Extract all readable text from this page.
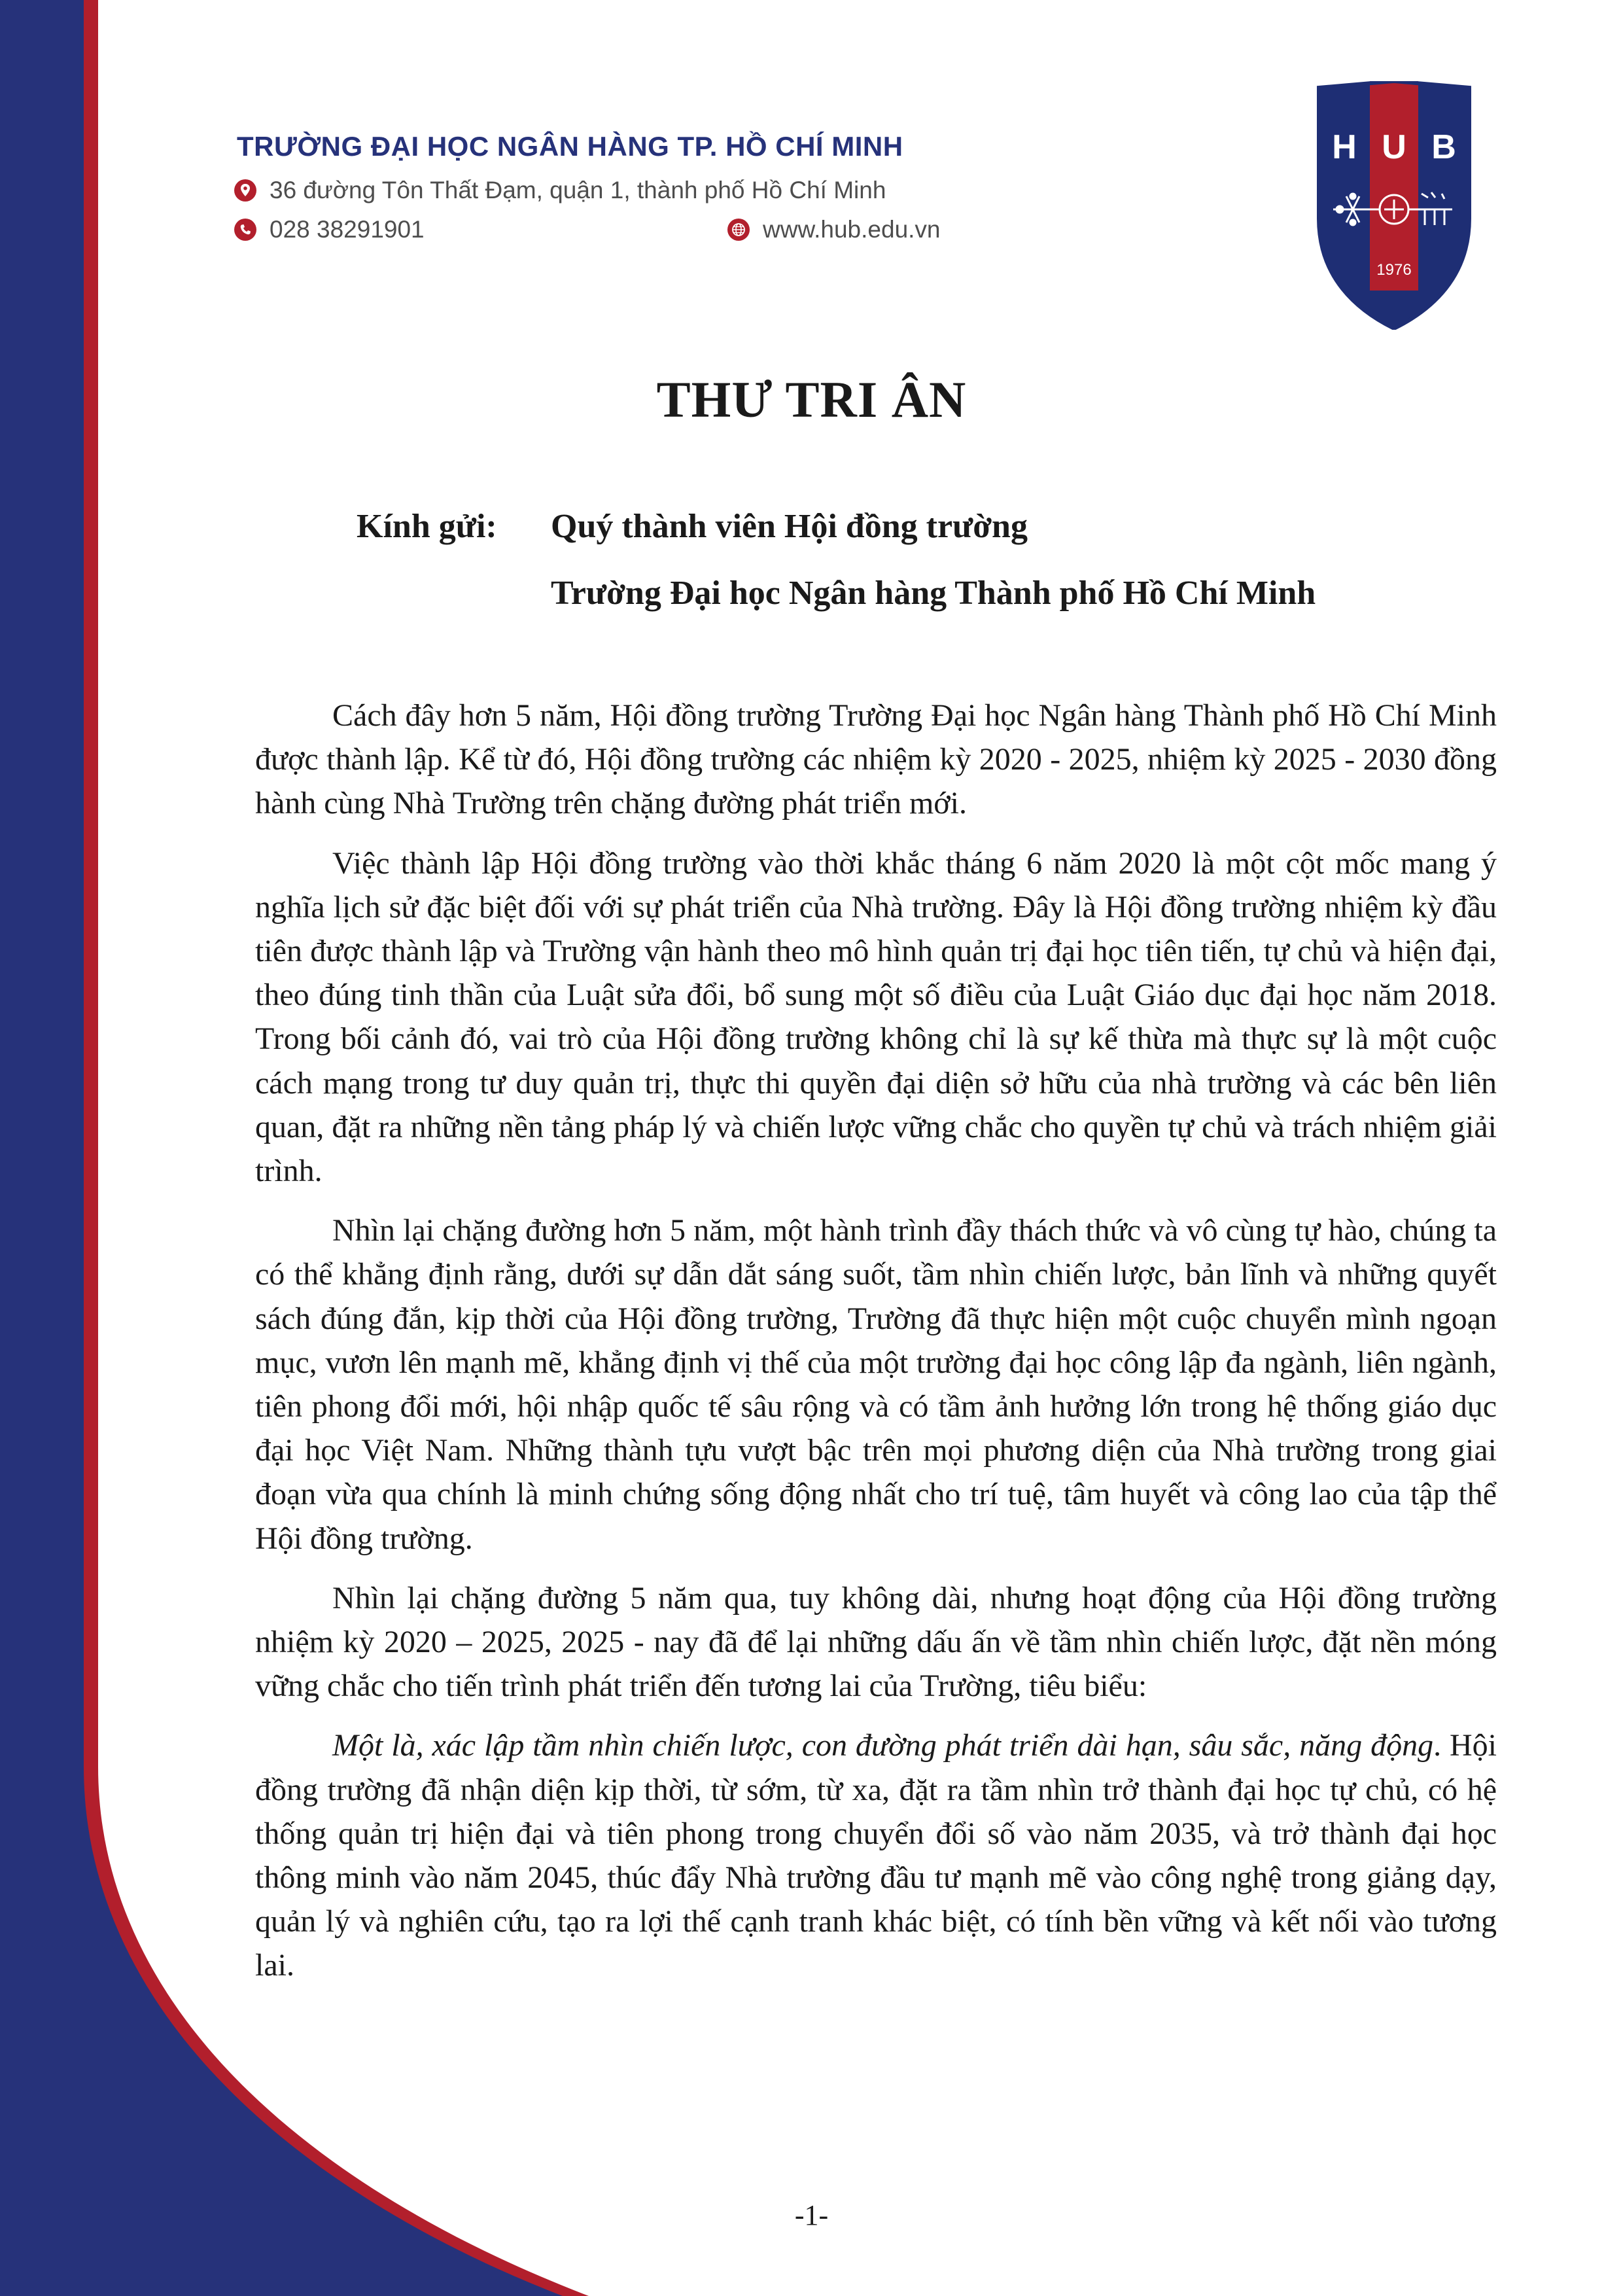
TRƯỜNG ĐẠI HỌC NGÂN HÀNG TP. HỒ CHÍ MINH
36 đường Tôn Thất Đạm, quận 1, thành phố Hồ Chí Minh
028 38291901	www.hub.edu.vn
H U B
1976
THƯ TRI ÂN
Kính gửi: Quý thành viên Hội đồng trường
Trường Đại học Ngân hàng Thành phố Hồ Chí Minh

Cách đây hơn 5 năm, Hội đồng trường Trường Đại học Ngân hàng Thành phố Hồ Chí Minh được thành lập. Kể từ đó, Hội đồng trường các nhiệm kỳ 2020 - 2025, nhiệm kỳ 2025 - 2030 đồng hành cùng Nhà Trường trên chặng đường phát triển mới.

Việc thành lập Hội đồng trường vào thời khắc tháng 6 năm 2020 là một cột mốc mang ý nghĩa lịch sử đặc biệt đối với sự phát triển của Nhà trường. Đây là Hội đồng trường nhiệm kỳ đầu tiên được thành lập và Trường vận hành theo mô hình quản trị đại học tiên tiến, tự chủ và hiện đại, theo đúng tinh thần của Luật sửa đổi, bổ sung một số điều của Luật Giáo dục đại học năm 2018. Trong bối cảnh đó, vai trò của Hội đồng trường không chỉ là sự kế thừa mà thực sự là một cuộc cách mạng trong tư duy quản trị, thực thi quyền đại diện sở hữu của nhà trường và các bên liên quan, đặt ra những nền tảng pháp lý và chiến lược vững chắc cho quyền tự chủ và trách nhiệm giải trình.

Nhìn lại chặng đường hơn 5 năm, một hành trình đầy thách thức và vô cùng tự hào, chúng ta có thể khẳng định rằng, dưới sự dẫn dắt sáng suốt, tầm nhìn chiến lược, bản lĩnh và những quyết sách đúng đắn, kịp thời của Hội đồng trường, Trường đã thực hiện một cuộc chuyển mình ngoạn mục, vươn lên mạnh mẽ, khẳng định vị thế của một trường đại học công lập đa ngành, liên ngành, tiên phong đổi mới, hội nhập quốc tế sâu rộng và có tầm ảnh hưởng lớn trong hệ thống giáo dục đại học Việt Nam. Những thành tựu vượt bậc trên mọi phương diện của Nhà trường trong giai đoạn vừa qua chính là minh chứng sống động nhất cho trí tuệ, tâm huyết và công lao của tập thể Hội đồng trường.

Nhìn lại chặng đường 5 năm qua, tuy không dài, nhưng hoạt động của Hội đồng trường nhiệm kỳ 2020 – 2025, 2025 - nay đã để lại những dấu ấn về tầm nhìn chiến lược, đặt nền móng vững chắc cho tiến trình phát triển đến tương lai của Trường, tiêu biểu:

Một là, xác lập tầm nhìn chiến lược, con đường phát triển dài hạn, sâu sắc, năng động. Hội đồng trường đã nhận diện kịp thời, từ sớm, từ xa, đặt ra tầm nhìn trở thành đại học tự chủ, có hệ thống quản trị hiện đại và tiên phong trong chuyển đổi số vào năm 2035, và trở thành đại học thông minh vào năm 2045, thúc đẩy Nhà trường đầu tư mạnh mẽ vào công nghệ trong giảng dạy, quản lý và nghiên cứu, tạo ra lợi thế cạnh tranh khác biệt, có tính bền vững và kết nối vào tương lai.

-1-
